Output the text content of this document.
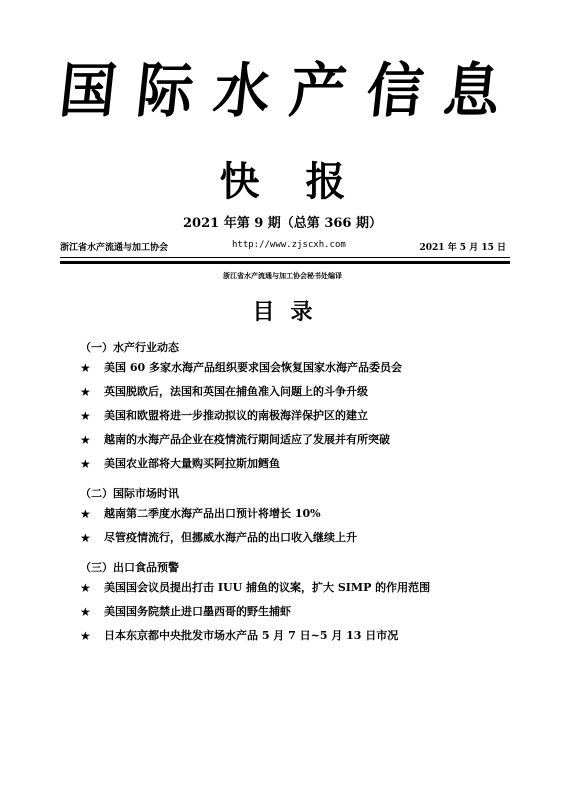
国 际 水 产 信 息
快报
2021 年第 9 期（总第 366 期）
浙江省水产流通与加工协会	http://www.zjscxh.com	2021 年 5 月 15 日
浙江省水产流通与加工协会秘书处编译
目录
（一）水产行业动态
★ 美国 60 多家水海产品组织要求国会恢复国家水海产品委员会
★ 英国脱欧后，法国和英国在捕鱼准入问题上的斗争升级
★ 美国和欧盟将进一步推动拟议的南极海洋保护区的建立
★ 越南的水海产品企业在疫情流行期间适应了发展并有所突破
★ 美国农业部将大量购买阿拉斯加鳕鱼
（二）国际市场时讯
★ 越南第二季度水海产品出口预计将增长 10%
★ 尽管疫情流行，但挪威水海产品的出口收入继续上升
（三）出口食品预警
★ 美国国会议员提出打击 IUU 捕鱼的议案，扩大 SIMP 的作用范围
★ 美国国务院禁止进口墨西哥的野生捕虾
★ 日本东京都中央批发市场水产品 5 月 7 日~5 月 13 日市况
